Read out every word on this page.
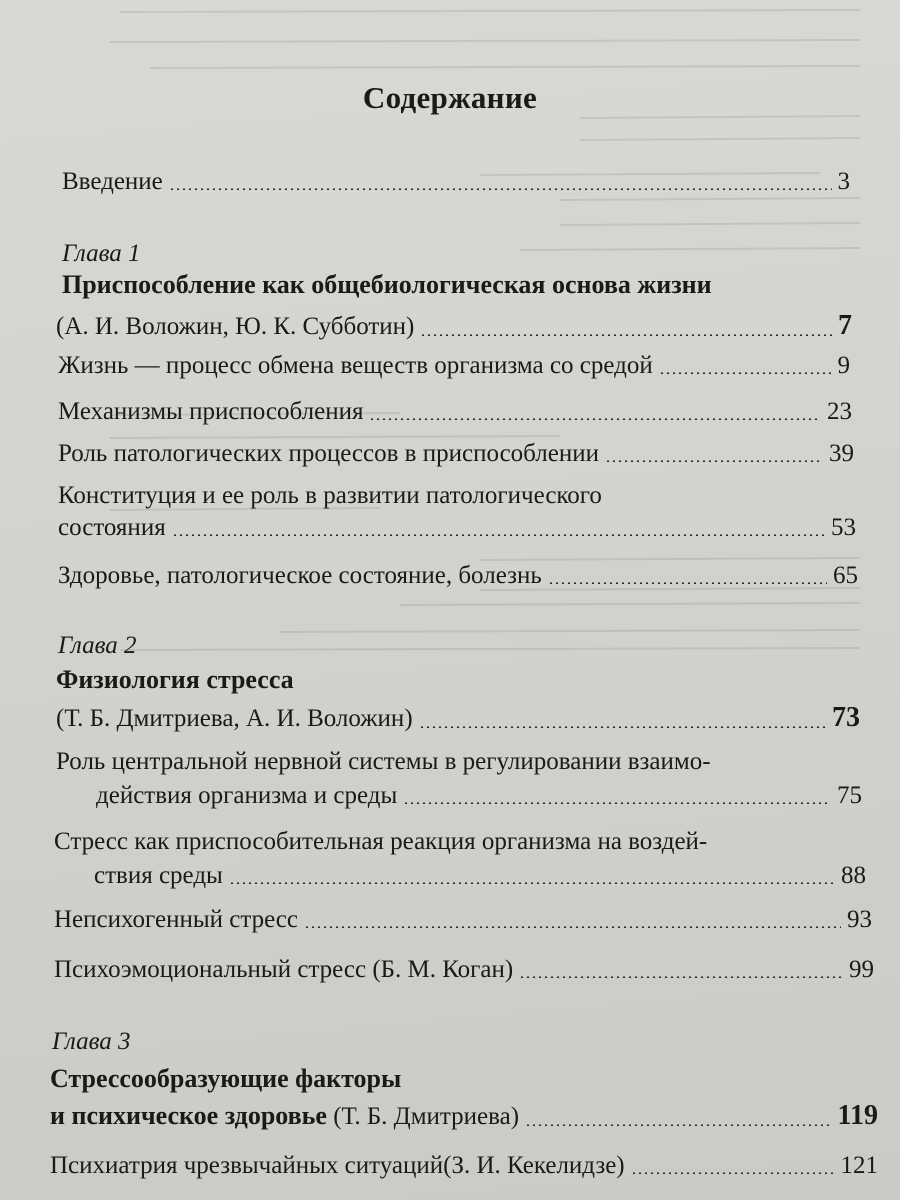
Содержание
Введение	3
Глава 1
Приспособление как общебиологическая основа жизни
(А. И. Воложин, Ю. К. Субботин)	7
Жизнь — процесс обмена веществ организма со средой	9
Механизмы приспособления	23
Роль патологических процессов в приспособлении	39
Конституция и ее роль в развитии патологического
состояния	53
Здоровье, патологическое состояние, болезнь	65
Глава 2
Физиология стресса
(Т. Б. Дмитриева, А. И. Воложин)	73
Роль центральной нервной системы в регулировании взаимо-
действия организма и среды	75
Стресс как приспособительная реакция организма на воздей-
ствия среды	88
Непсихогенный стресс	93
Психоэмоциональный стресс (Б. М. Коган)	99
Глава 3
Стрессообразующие факторы
и психическое здоровье (Т. Б. Дмитриева)	119
Психиатрия чрезвычайных ситуаций(З. И. Кекелидзе)	121
